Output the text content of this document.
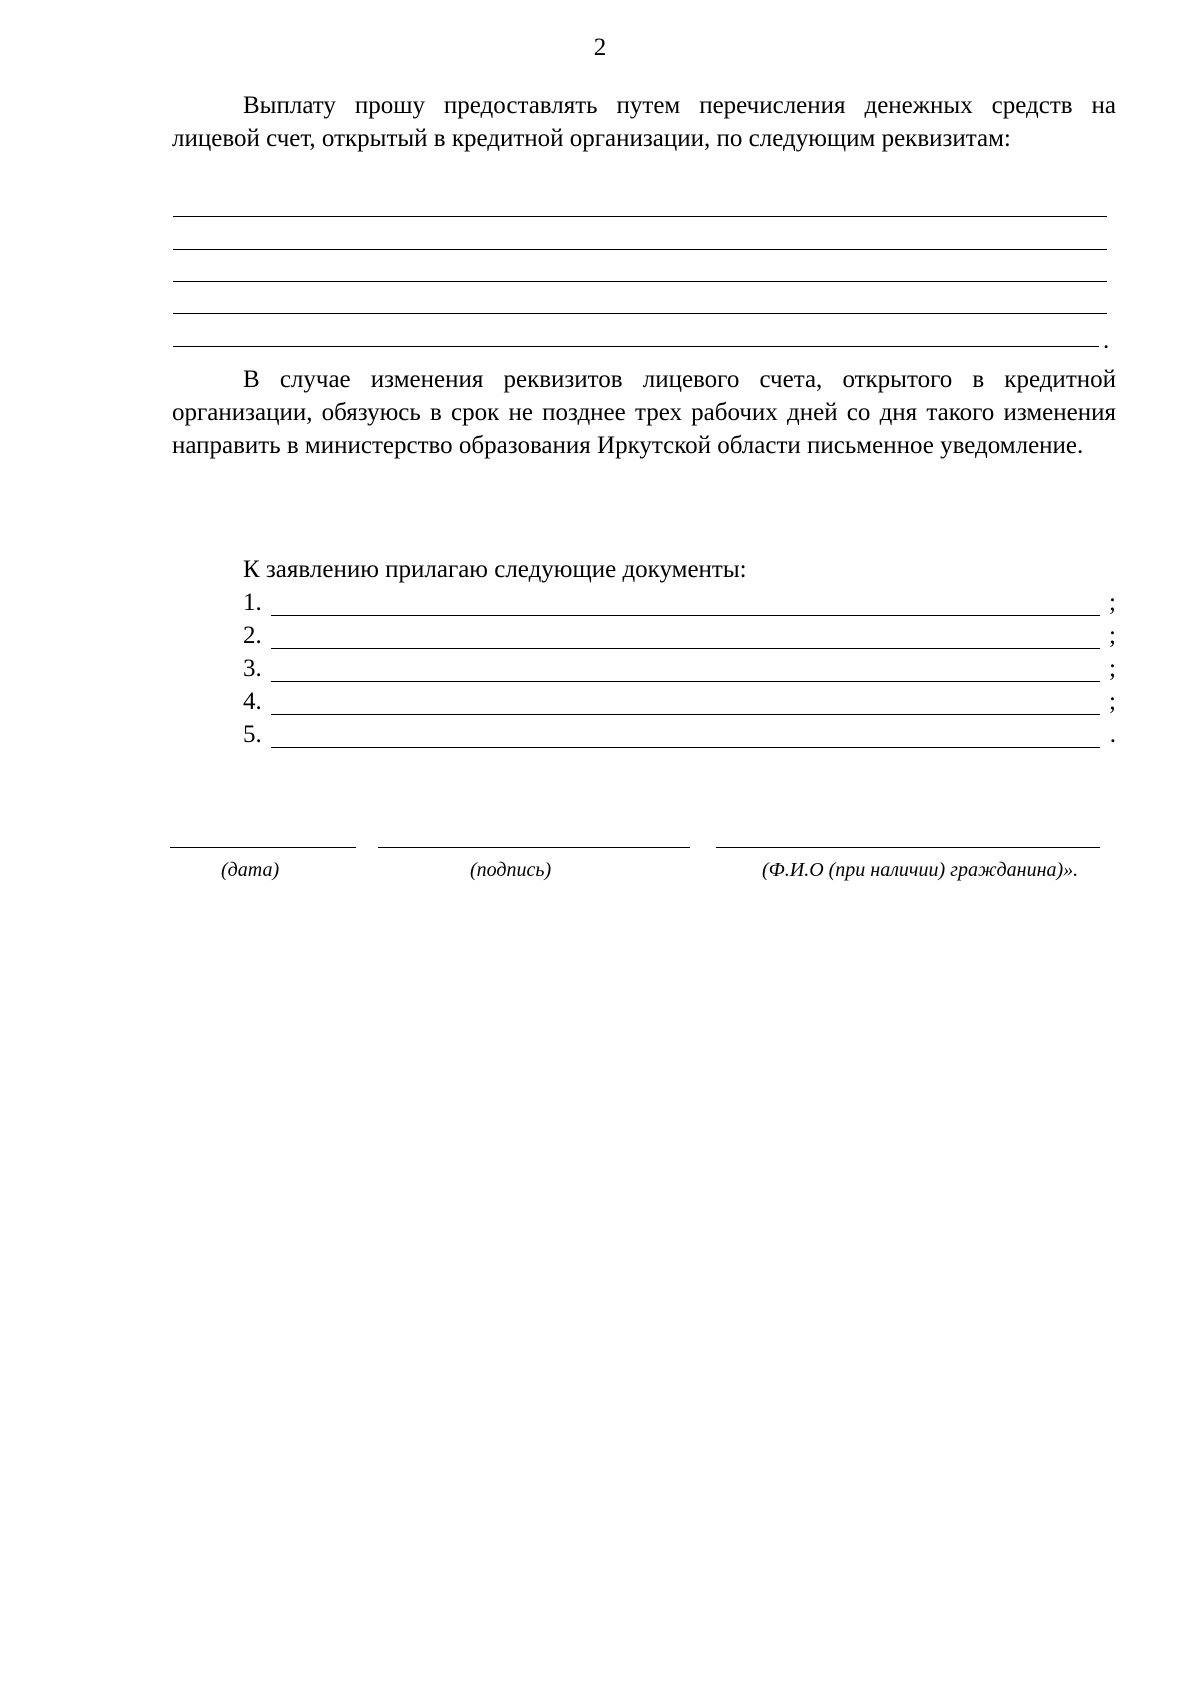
2
Выплату прошу предоставлять путем перечисления денежных средств на лицевой счет, открытый в кредитной организации, по следующим реквизитам:
.
В случае изменения реквизитов лицевого счета, открытого в кредитной организации, обязуюсь в срок не позднее трех рабочих дней со дня такого изменения направить в министерство образования Иркутской области письменное уведомление.
К заявлению прилагаю следующие документы:
1.	;
2.	;
3.	;
4.	;
5.	.
(дата)	(подпись)	(Ф.И.О (при наличии) гражданина)».
